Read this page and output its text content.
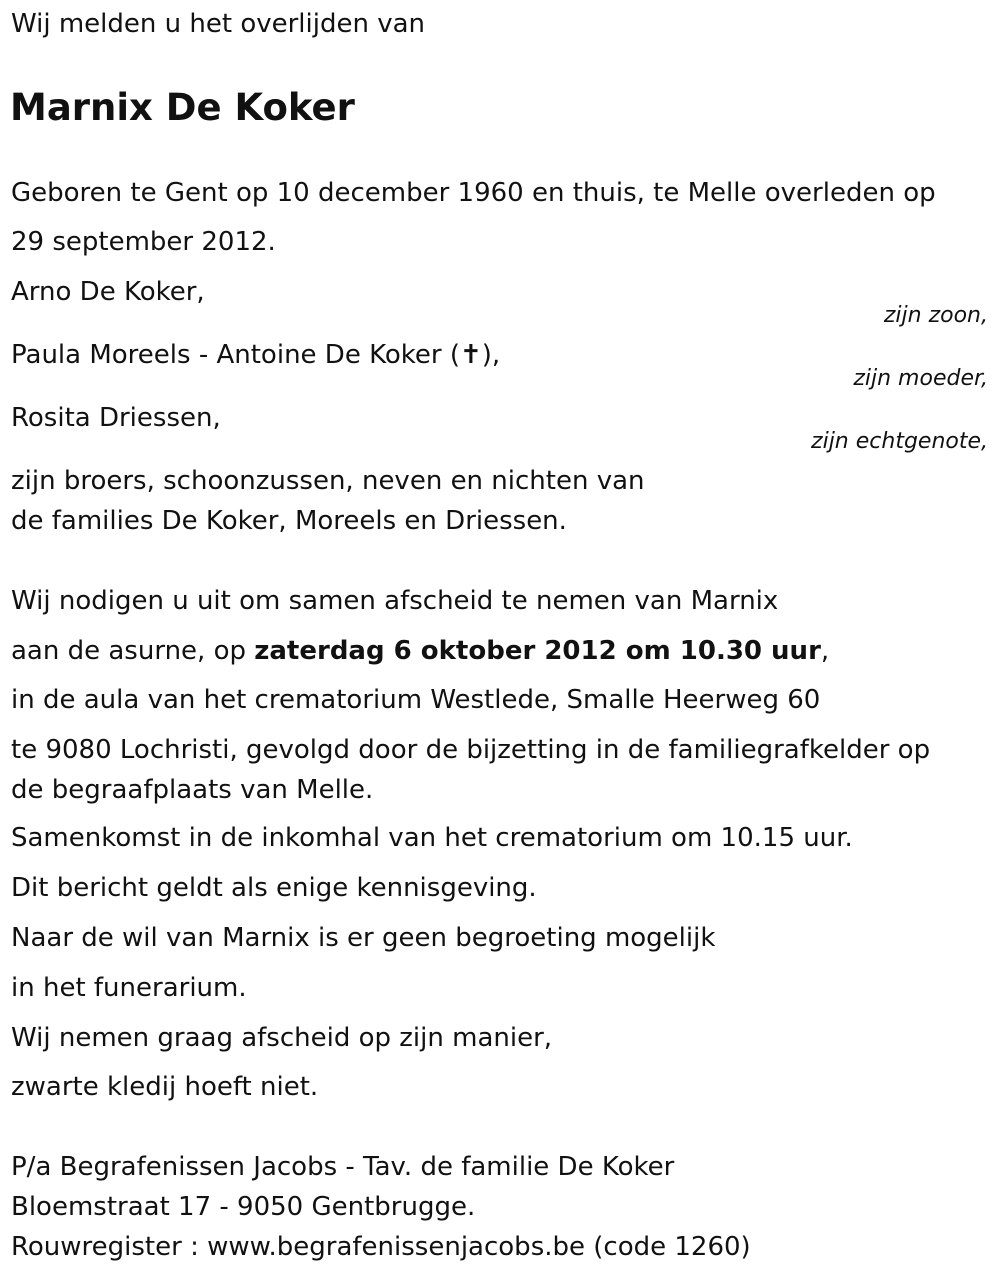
Wij melden u het overlijden van
Marnix De Koker
Geboren te Gent op 10 december 1960 en thuis, te Melle overleden op
29 september 2012.
Arno De Koker,
zijn zoon,
Paula Moreels - Antoine De Koker (✝),
zijn moeder,
Rosita Driessen,
zijn echtgenote,
zijn broers, schoonzussen, neven en nichten van
de families De Koker, Moreels en Driessen.
Wij nodigen u uit om samen afscheid te nemen van Marnix
aan de asurne, op zaterdag 6 oktober 2012 om 10.30 uur,
in de aula van het crematorium Westlede, Smalle Heerweg 60
te 9080 Lochristi, gevolgd door de bijzetting in de familiegrafkelder op
de begraafplaats van Melle.
Samenkomst in de inkomhal van het crematorium om 10.15 uur.
Dit bericht geldt als enige kennisgeving.
Naar de wil van Marnix is er geen begroeting mogelijk
in het funerarium.
Wij nemen graag afscheid op zijn manier,
zwarte kledij hoeft niet.
P/a Begrafenissen Jacobs - Tav. de familie De Koker
Bloemstraat 17 - 9050 Gentbrugge.
Rouwregister : www.begrafenissenjacobs.be (code 1260)
